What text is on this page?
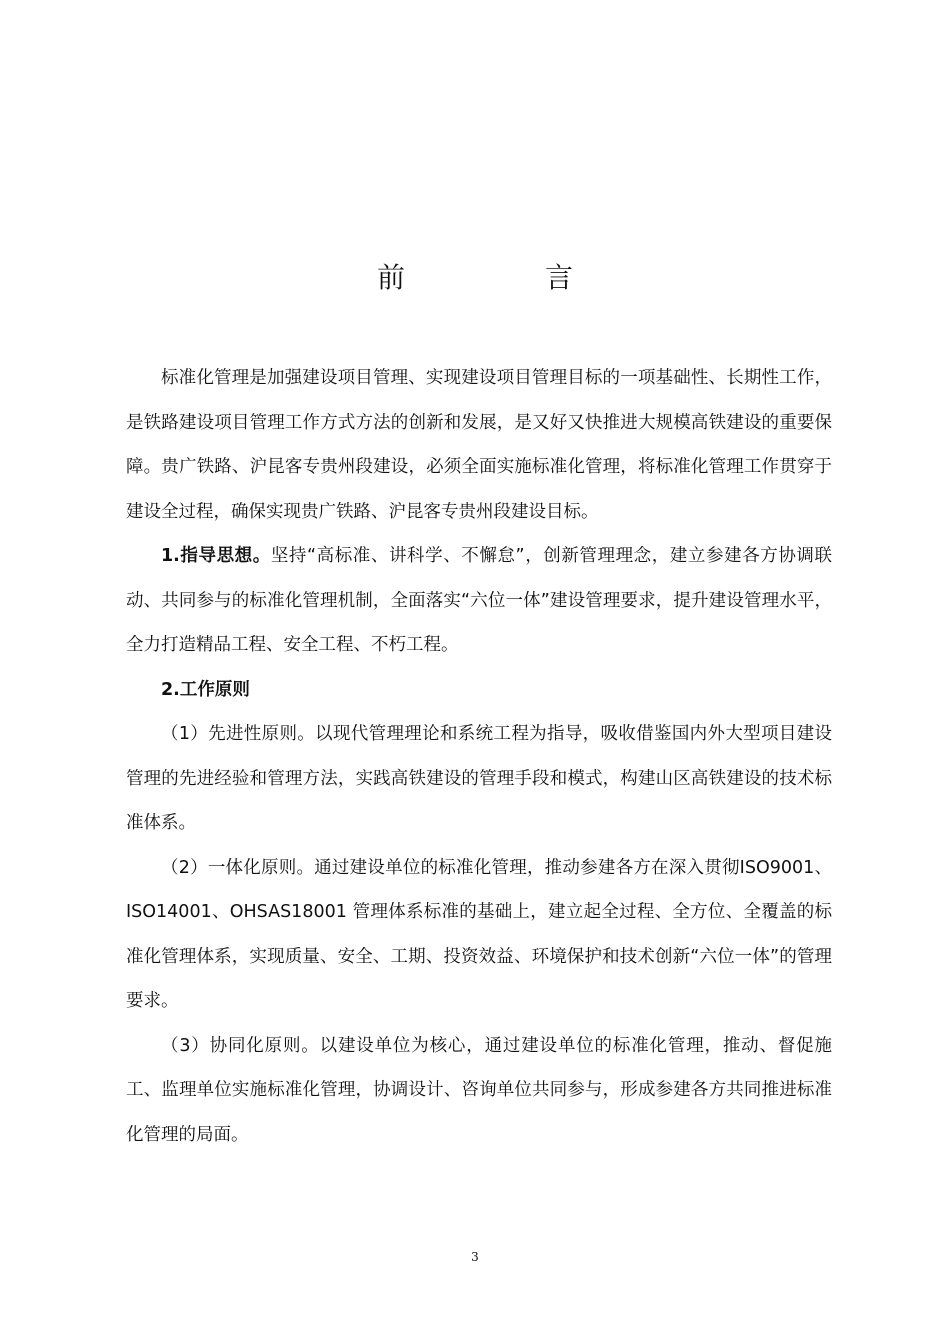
前　言

标准化管理是加强建设项目管理、实现建设项目管理目标的一项基础性、长期性工作，是铁路建设项目管理工作方式方法的创新和发展，是又好又快推进大规模高铁建设的重要保障。贵广铁路、沪昆客专贵州段建设，必须全面实施标准化管理，将标准化管理工作贯穿于建设全过程，确保实现贵广铁路、沪昆客专贵州段建设目标。

1.指导思想。坚持“高标准、讲科学、不懈怠”，创新管理理念，建立参建各方协调联动、共同参与的标准化管理机制，全面落实“六位一体”建设管理要求，提升建设管理水平，全力打造精品工程、安全工程、不朽工程。

2.工作原则

（1）先进性原则。以现代管理理论和系统工程为指导，吸收借鉴国内外大型项目建设管理的先进经验和管理方法，实践高铁建设的管理手段和模式，构建山区高铁建设的技术标准体系。

（2）一体化原则。通过建设单位的标准化管理，推动参建各方在深入贯彻ISO9001、ISO14001、OHSAS18001 管理体系标准的基础上，建立起全过程、全方位、全覆盖的标准化管理体系，实现质量、安全、工期、投资效益、环境保护和技术创新“六位一体”的管理要求。

（3）协同化原则。以建设单位为核心，通过建设单位的标准化管理，推动、督促施工、监理单位实施标准化管理，协调设计、咨询单位共同参与，形成参建各方共同推进标准化管理的局面。

3
